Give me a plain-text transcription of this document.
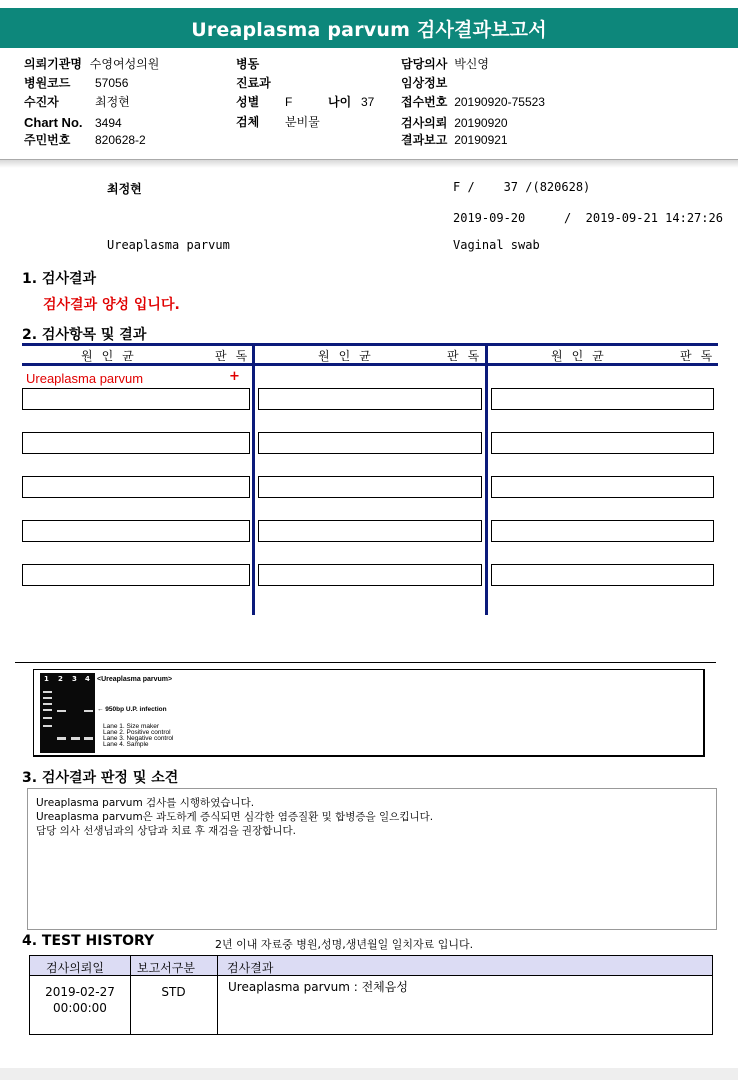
Ureaplasma parvum 검사결과보고서
의뢰기관명 수영여성의원
병원코드 57056
수진자	최정현
Chart No. 3494
주민번호 820628-2
병동
진료과
성별 F	나이 37
검체 분비물
담당의사 박신영
임상정보
접수번호 20190920-75523
검사의뢰 20190920
결과보고 20190921
최정현	F /    37 /(820628)
2019-09-20	/  2019-09-21 14:27:26
Ureaplasma parvum	Vaginal swab
1. 검사결과
검사결과 양성 입니다.
2. 검사항목 및 결과
원인균	판독	원인균	판독	원인균	판독
Ureaplasma parvum	+
1 2 3 4 <Ureaplasma parvum>
← 950bp U.P. infection
Lane 1. Size maker
Lane 2. Positive control
Lane 3. Negative control
Lane 4. Sample
3. 검사결과 판정 및 소견
Ureaplasma parvum 검사를 시행하였습니다.
Ureaplasma parvum은 과도하게 증식되면 심각한 염증질환 및 합병증을 일으킵니다.
담당 의사 선생님과의 상담과 치료 후 재검을 권장합니다.
4. TEST HISTORY	2년 이내 자료중 병원,성명,생년월일 일치자료 입니다.
검사의뢰일	보고서구분	검사결과
2019-02-27
00:00:00
STD	Ureaplasma parvum : 전체음성
